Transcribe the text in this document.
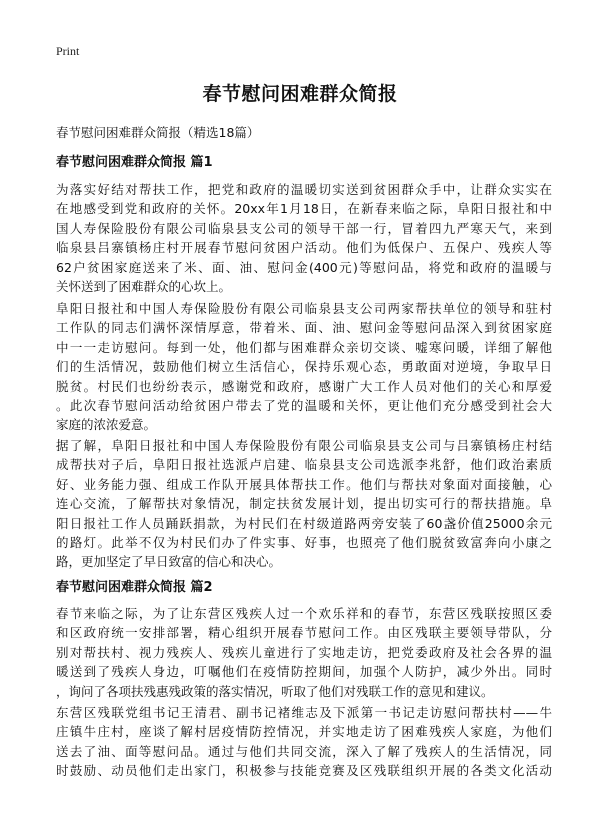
Print
春节慰问困难群众简报

春节慰问困难群众简报（精选18篇）

春节慰问困难群众简报 篇1

为落实好结对帮扶工作，把党和政府的温暖切实送到贫困群众手中，让群众实实在
在地感受到党和政府的关怀。20xx年1月18日，在新春来临之际，阜阳日报社和中
国人寿保险股份有限公司临泉县支公司的领导干部一行，冒着四九严寒天气，来到
临泉县吕寨镇杨庄村开展春节慰问贫困户活动。他们为低保户、五保户、残疾人等
62户贫困家庭送来了米、面、油、慰问金(400元)等慰问品，将党和政府的温暖与
关怀送到了困难群众的心坎上。

阜阳日报社和中国人寿保险股份有限公司临泉县支公司两家帮扶单位的领导和驻村
工作队的同志们满怀深情厚意，带着米、面、油、慰问金等慰问品深入到贫困家庭
中一一走访慰问。每到一处，他们都与困难群众亲切交谈、嘘寒问暖，详细了解他
们的生活情况，鼓励他们树立生活信心，保持乐观心态，勇敢面对逆境，争取早日
脱贫。村民们也纷纷表示，感谢党和政府，感谢广大工作人员对他们的关心和厚爱
。此次春节慰问活动给贫困户带去了党的温暖和关怀，更让他们充分感受到社会大
家庭的浓浓爱意。

据了解，阜阳日报社和中国人寿保险股份有限公司临泉县支公司与吕寨镇杨庄村结
成帮扶对子后，阜阳日报社选派卢启建、临泉县支公司选派李兆舒，他们政治素质
好、业务能力强、组成工作队开展具体帮扶工作。他们与帮扶对象面对面接触，心
连心交流，了解帮扶对象情况，制定扶贫发展计划，提出切实可行的帮扶措施。阜
阳日报社工作人员踊跃捐款，为村民们在村级道路两旁安装了60盏价值25000余元
的路灯。此举不仅为村民们办了件实事、好事，也照亮了他们脱贫致富奔向小康之
路，更加坚定了早日致富的信心和决心。

春节慰问困难群众简报 篇2

春节来临之际，为了让东营区残疾人过一个欢乐祥和的春节，东营区残联按照区委
和区政府统一安排部署，精心组织开展春节慰问工作。由区残联主要领导带队，分
别对帮扶村、视力残疾人、残疾儿童进行了实地走访，把党委政府及社会各界的温
暖送到了残疾人身边，叮嘱他们在疫情防控期间，加强个人防护，减少外出。同时
，询问了各项扶残惠残政策的落实情况，听取了他们对残联工作的意见和建议。

东营区残联党组书记王清君、副书记褚维志及下派第一书记走访慰问帮扶村——牛
庄镇牛庄村，座谈了解村居疫情防控情况，并实地走访了困难残疾人家庭，为他们
送去了油、面等慰问品。通过与他们共同交流，深入了解了残疾人的生活情况，同
时鼓励、动员他们走出家门，积极参与技能竞赛及区残联组织开展的各类文化活动
